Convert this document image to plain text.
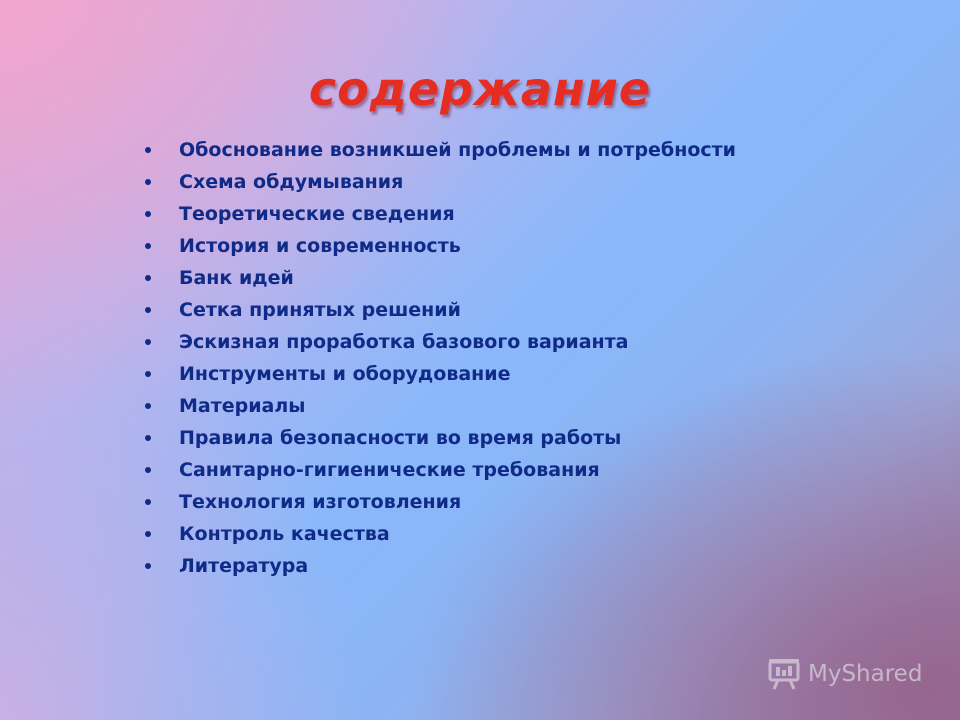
содержание
Обоснование возникшей проблемы и потребности
Схема обдумывания
Теоретические сведения
История и современность
Банк идей
Сетка принятых решений
Эскизная проработка базового варианта
Инструменты и оборудование
Материалы
Правила безопасности во время работы
Санитарно-гигиенические требования
Технология изготовления
Контроль качества
Литература
MyShared
